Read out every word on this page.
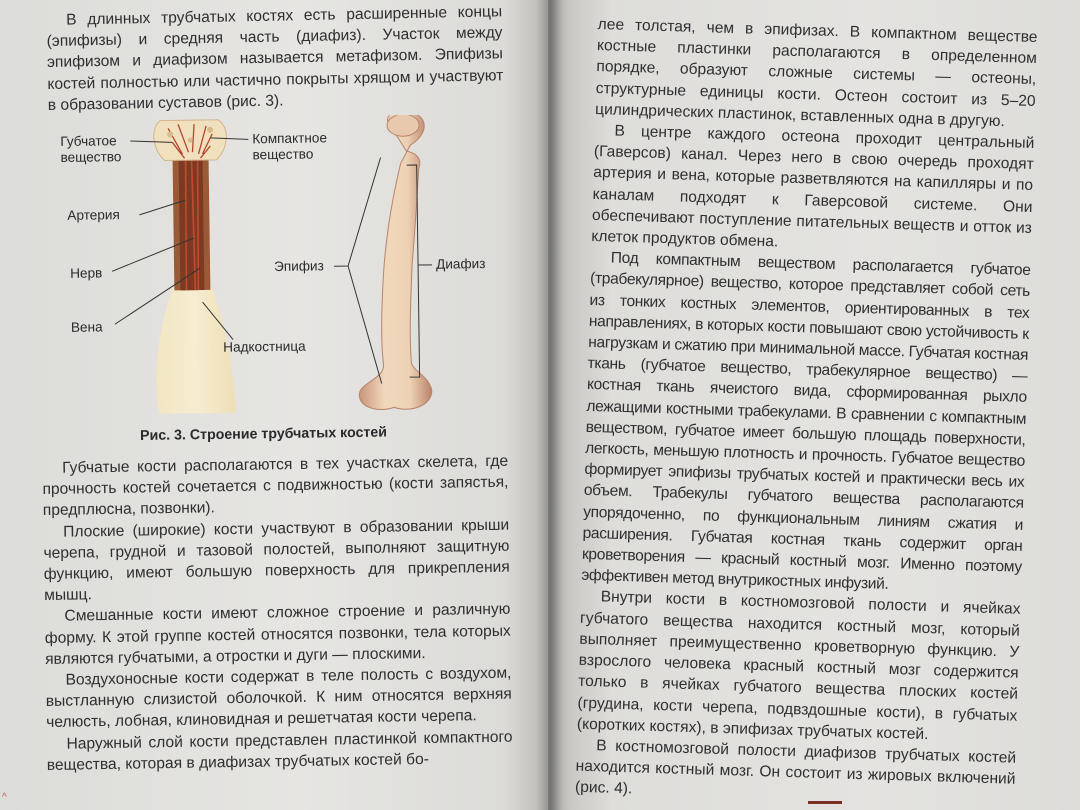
В длинных трубчатых костях есть расширенные концы (эпифизы) и средняя часть (диафиз). Участок между эпифизом и диафизом называется метафизом. Эпифизы костей полностью или частично покрыты хрящом и участвуют в образовании суставов (рис. 3).

Губчатое
вещество
Компактное
вещество
Артерия
Нерв
Вена
Надкостница
Эпифиз	Диафиз
Рис. 3. Строение трубчатых костей

Губчатые кости располагаются в тех участках скелета, где прочность костей сочетается с подвижностью (кости запястья, предплюсна, позвонки).

Плоские (широкие) кости участвуют в образовании крыши черепа, грудной и тазовой полостей, выполняют защитную функцию, имеют большую поверхность для прикрепления мышц.

Смешанные кости имеют сложное строение и различную форму. К этой группе костей относятся позвонки, тела которых являются губчатыми, а отростки и дуги — плоскими.

Воздухоносные кости содержат в теле полость с воздухом, выстланную слизистой оболочкой. К ним относятся верхняя челюсть, лобная, клиновидная и решетчатая кости черепа.

Наружный слой кости представлен пластинкой компактного вещества, которая в диафизах трубчатых костей бо-

^

лее толстая, чем в эпифизах. В компактном веществе костные пластинки располагаются в определенном порядке, образуют сложные системы — остеоны, структурные единицы кости. Остеон состоит из 5–20 цилиндрических пластинок, вставленных одна в другую.

В центре каждого остеона проходит центральный (Гаверсов) канал. Через него в свою очередь проходят артерия и вена, которые разветвляются на капилляры и по каналам подходят к Гаверсовой системе. Они обеспечивают поступление питательных веществ и отток из клеток продуктов обмена.

Под компактным веществом располагается губчатое (трабекулярное) вещество, которое представляет собой сеть из тонких костных элементов, ориентированных в тех направлениях, в которых кости повышают свою устойчивость к нагрузкам и сжатию при минимальной массе. Губчатая костная ткань (губчатое вещество, трабекулярное вещество) — костная ткань ячеистого вида, сформированная рыхло лежащими костными трабекулами. В сравнении с компактным веществом, губчатое имеет большую площадь поверхности, легкость, меньшую плотность и прочность. Губчатое вещество формирует эпифизы трубчатых костей и практически весь их объем. Трабекулы губчатого вещества располагаются упорядоченно, по функциональным линиям сжатия и расширения. Губчатая костная ткань содержит орган кроветворения — красный костный мозг. Именно поэтому эффективен метод внутрикостных инфузий.

Внутри кости в костномозговой полости и ячейках губчатого вещества находится костный мозг, который выполняет преимущественно кроветворную функцию. У взрослого человека красный костный мозг содержится только в ячейках губчатого вещества плоских костей (грудина, кости черепа, подвздошные кости), в губчатых (коротких костях), в эпифизах трубчатых костей.

В костномозговой полости диафизов трубчатых костей находится костный мозг. Он состоит из жировых включений (рис. 4).
